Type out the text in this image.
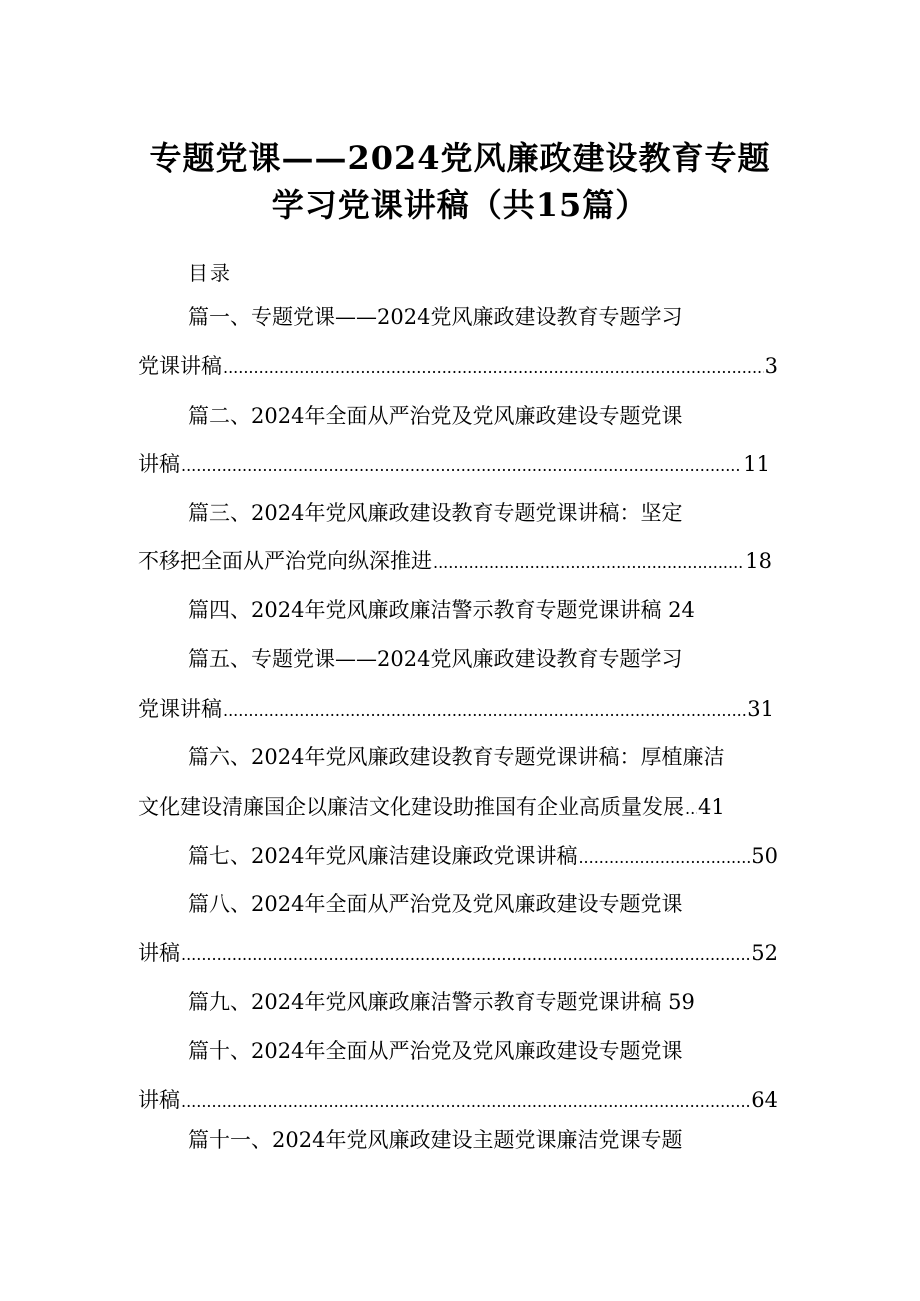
专题党课——2024党风廉政建设教育专题
学习党课讲稿（共15篇）
目录
篇一、专题党课——2024党风廉政建设教育专题学习
党课讲稿 .....	3
篇二、2024年全面从严治党及党风廉政建设专题党课
讲稿 .....	11
篇三、2024年党风廉政建设教育专题党课讲稿：坚定
不移把全面从严治党向纵深推进 .....	18
篇四、2024年党风廉政廉洁警示教育专题党课讲稿 24
篇五、专题党课——2024党风廉政建设教育专题学习
党课讲稿 .....	31
篇六、2024年党风廉政建设教育专题党课讲稿：厚植廉洁
文化建设清廉国企以廉洁文化建设助推国有企业高质量发展 ..... 41
篇七、2024年党风廉洁建设廉政党课讲稿 .....	50
篇八、2024年全面从严治党及党风廉政建设专题党课
讲稿 .....	52
篇九、2024年党风廉政廉洁警示教育专题党课讲稿 59
篇十、2024年全面从严治党及党风廉政建设专题党课
讲稿 .....	64
篇十一、2024年党风廉政建设主题党课廉洁党课专题
